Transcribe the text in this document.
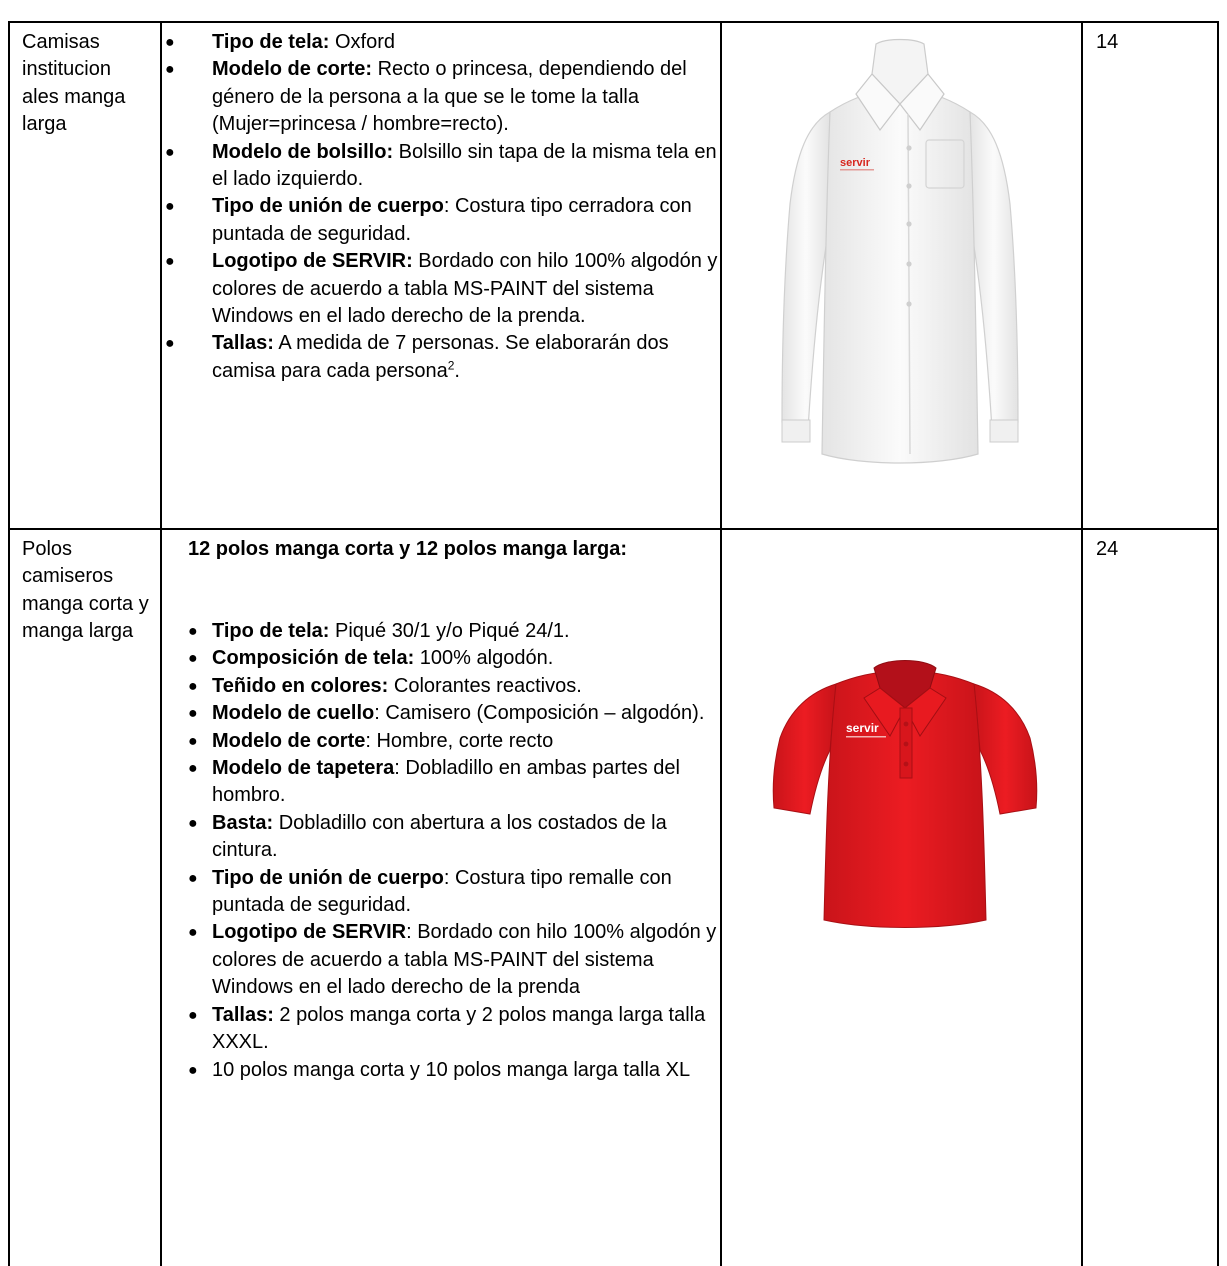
Camisas institucion ales manga larga
14
● Tipo de tela: Oxford
● Modelo de corte: Recto o princesa, dependiendo del género de la persona a la que se le tome la talla (Mujer=princesa / hombre=recto).
● Modelo de bolsillo: Bolsillo sin tapa de la misma tela en el lado izquierdo.
● Tipo de unión de cuerpo: Costura tipo cerradora con puntada de seguridad.
● Logotipo de SERVIR: Bordado con hilo 100% algodón y colores de acuerdo a tabla MS-PAINT del sistema Windows en el lado derecho de la prenda.
● Tallas: A medida de 7 personas. Se elaborarán dos camisa para cada persona$^2$.
servir
Polos camiseros manga corta y manga larga
24

12 polos manga corta y 12 polos manga larga:

● Tipo de tela: Piqué 30/1 y/o Piqué 24/1.
● Composición de tela: 100% algodón.
● Teñido en colores: Colorantes reactivos.
● Modelo de cuello: Camisero (Composición – algodón).
● Modelo de corte: Hombre, corte recto
● Modelo de tapetera: Dobladillo en ambas partes del hombro.
● Basta: Dobladillo con abertura a los costados de la cintura.
● Tipo de unión de cuerpo: Costura tipo remalle con puntada de seguridad.
● Logotipo de SERVIR: Bordado con hilo 100% algodón y colores de acuerdo a tabla MS-PAINT del sistema Windows en el lado derecho de la prenda
● Tallas: 2 polos manga corta y 2 polos manga larga talla XXXL.
● 10 polos manga corta y 10 polos manga larga talla XL
servir
